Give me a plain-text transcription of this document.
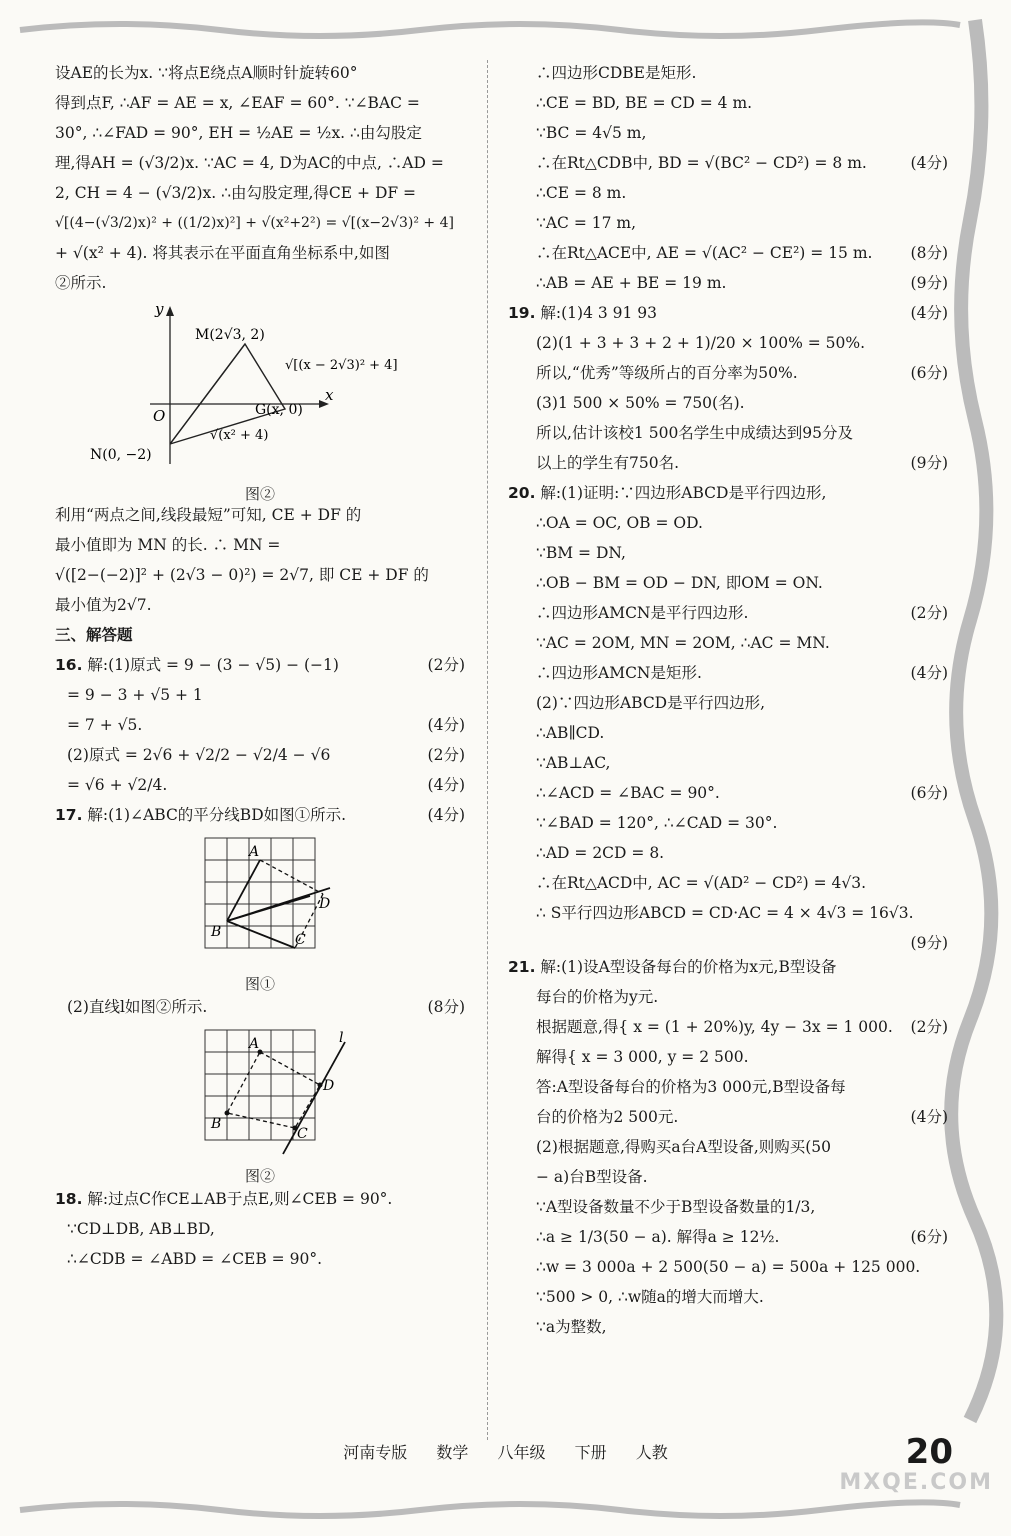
设AE的长为x. ∵将点E绕点A顺时针旋转60°
得到点F, ∴AF = AE = x, ∠EAF = 60°. ∵∠BAC =
30°, ∴∠FAD = 90°, EH = ½AE = ½x. ∴由勾股定
理,得AH = (√3/2)x. ∵AC = 4, D为AC的中点, ∴AD =
2, CH = 4 − (√3/2)x. ∴由勾股定理,得CE + DF =
√[(4−(√3/2)x)² + ((1/2)x)²] + √(x²+2²) = √[(x−2√3)² + 4]
+ √(x² + 4). 将其表示在平面直角坐标系中,如图
②所示.
y
x
O
M(2√3, 2)
G(x, 0)
N(0, −2)
√[(x − 2√3)² + 4]
√(x² + 4)
图②
利用“两点之间,线段最短”可知, CE + DF 的
最小值即为 MN 的长. ∴ MN =
√([2−(−2)]² + (2√3 − 0)²) = 2√7, 即 CE + DF 的
最小值为2√7.
三、解答题
16. 解:(1)原式 = 9 − (3 − √5) − (−1)	(2分)
= 9 − 3 + √5 + 1
= 7 + √5.	(4分)
(2)原式 = 2√6 + √2/2 − √2/4 − √6	(2分)
= √6 + √2/4.	(4分)
17. 解:(1)∠ABC的平分线BD如图①所示.	(4分)
A
B	C
D
图①
(2)直线l如图②所示.	(8分)
A
B
C
D
l
图②
18. 解:过点C作CE⊥AB于点E,则∠CEB = 90°.
∵CD⊥DB, AB⊥BD,
∴∠CDB = ∠ABD = ∠CEB = 90°.
∴四边形CDBE是矩形.
∴CE = BD, BE = CD = 4 m.
∵BC = 4√5 m,
∴在Rt△CDB中, BD = √(BC² − CD²) = 8 m.	(4分)
∴CE = 8 m.
∵AC = 17 m,
∴在Rt△ACE中, AE = √(AC² − CE²) = 15 m. (8分)
∴AB = AE + BE = 19 m.	(9分)
19. 解:(1)4 3 91 93	(4分)
(2)(1 + 3 + 3 + 2 + 1)/20 × 100% = 50%.
所以,“优秀”等级所占的百分率为50%.	(6分)
(3)1 500 × 50% = 750(名).
所以,估计该校1 500名学生中成绩达到95分及
以上的学生有750名.	(9分)
20. 解:(1)证明:∵四边形ABCD是平行四边形,
∴OA = OC, OB = OD.
∵BM = DN,
∴OB − BM = OD − DN, 即OM = ON.
∴四边形AMCN是平行四边形.	(2分)
∵AC = 2OM, MN = 2OM, ∴AC = MN.
∴四边形AMCN是矩形.	(4分)
(2)∵四边形ABCD是平行四边形,
∴AB∥CD.
∵AB⊥AC,
∴∠ACD = ∠BAC = 90°.	(6分)
∵∠BAD = 120°, ∴∠CAD = 30°.
∴AD = 2CD = 8.
∴在Rt△ACD中, AC = √(AD² − CD²) = 4√3.
∴ S平行四边形ABCD = CD·AC = 4 × 4√3 = 16√3.
(9分)
21. 解:(1)设A型设备每台的价格为x元,B型设备
每台的价格为y元.
根据题意,得{ x = (1 + 20%)y, 4y − 3x = 1 000. (2分)
解得{ x = 3 000, y = 2 500.
答:A型设备每台的价格为3 000元,B型设备每
台的价格为2 500元.	(4分)
(2)根据题意,得购买a台A型设备,则购买(50
− a)台B型设备.
∵A型设备数量不少于B型设备数量的1/3,
∴a ≥ 1/3(50 − a). 解得a ≥ 12½.	(6分)
∴w = 3 000a + 2 500(50 − a) = 500a + 125 000.
∵500 > 0, ∴w随a的增大而增大.
∵a为整数,
河南专版 数学 八年级 下册 人教	20
MXQE.COM
